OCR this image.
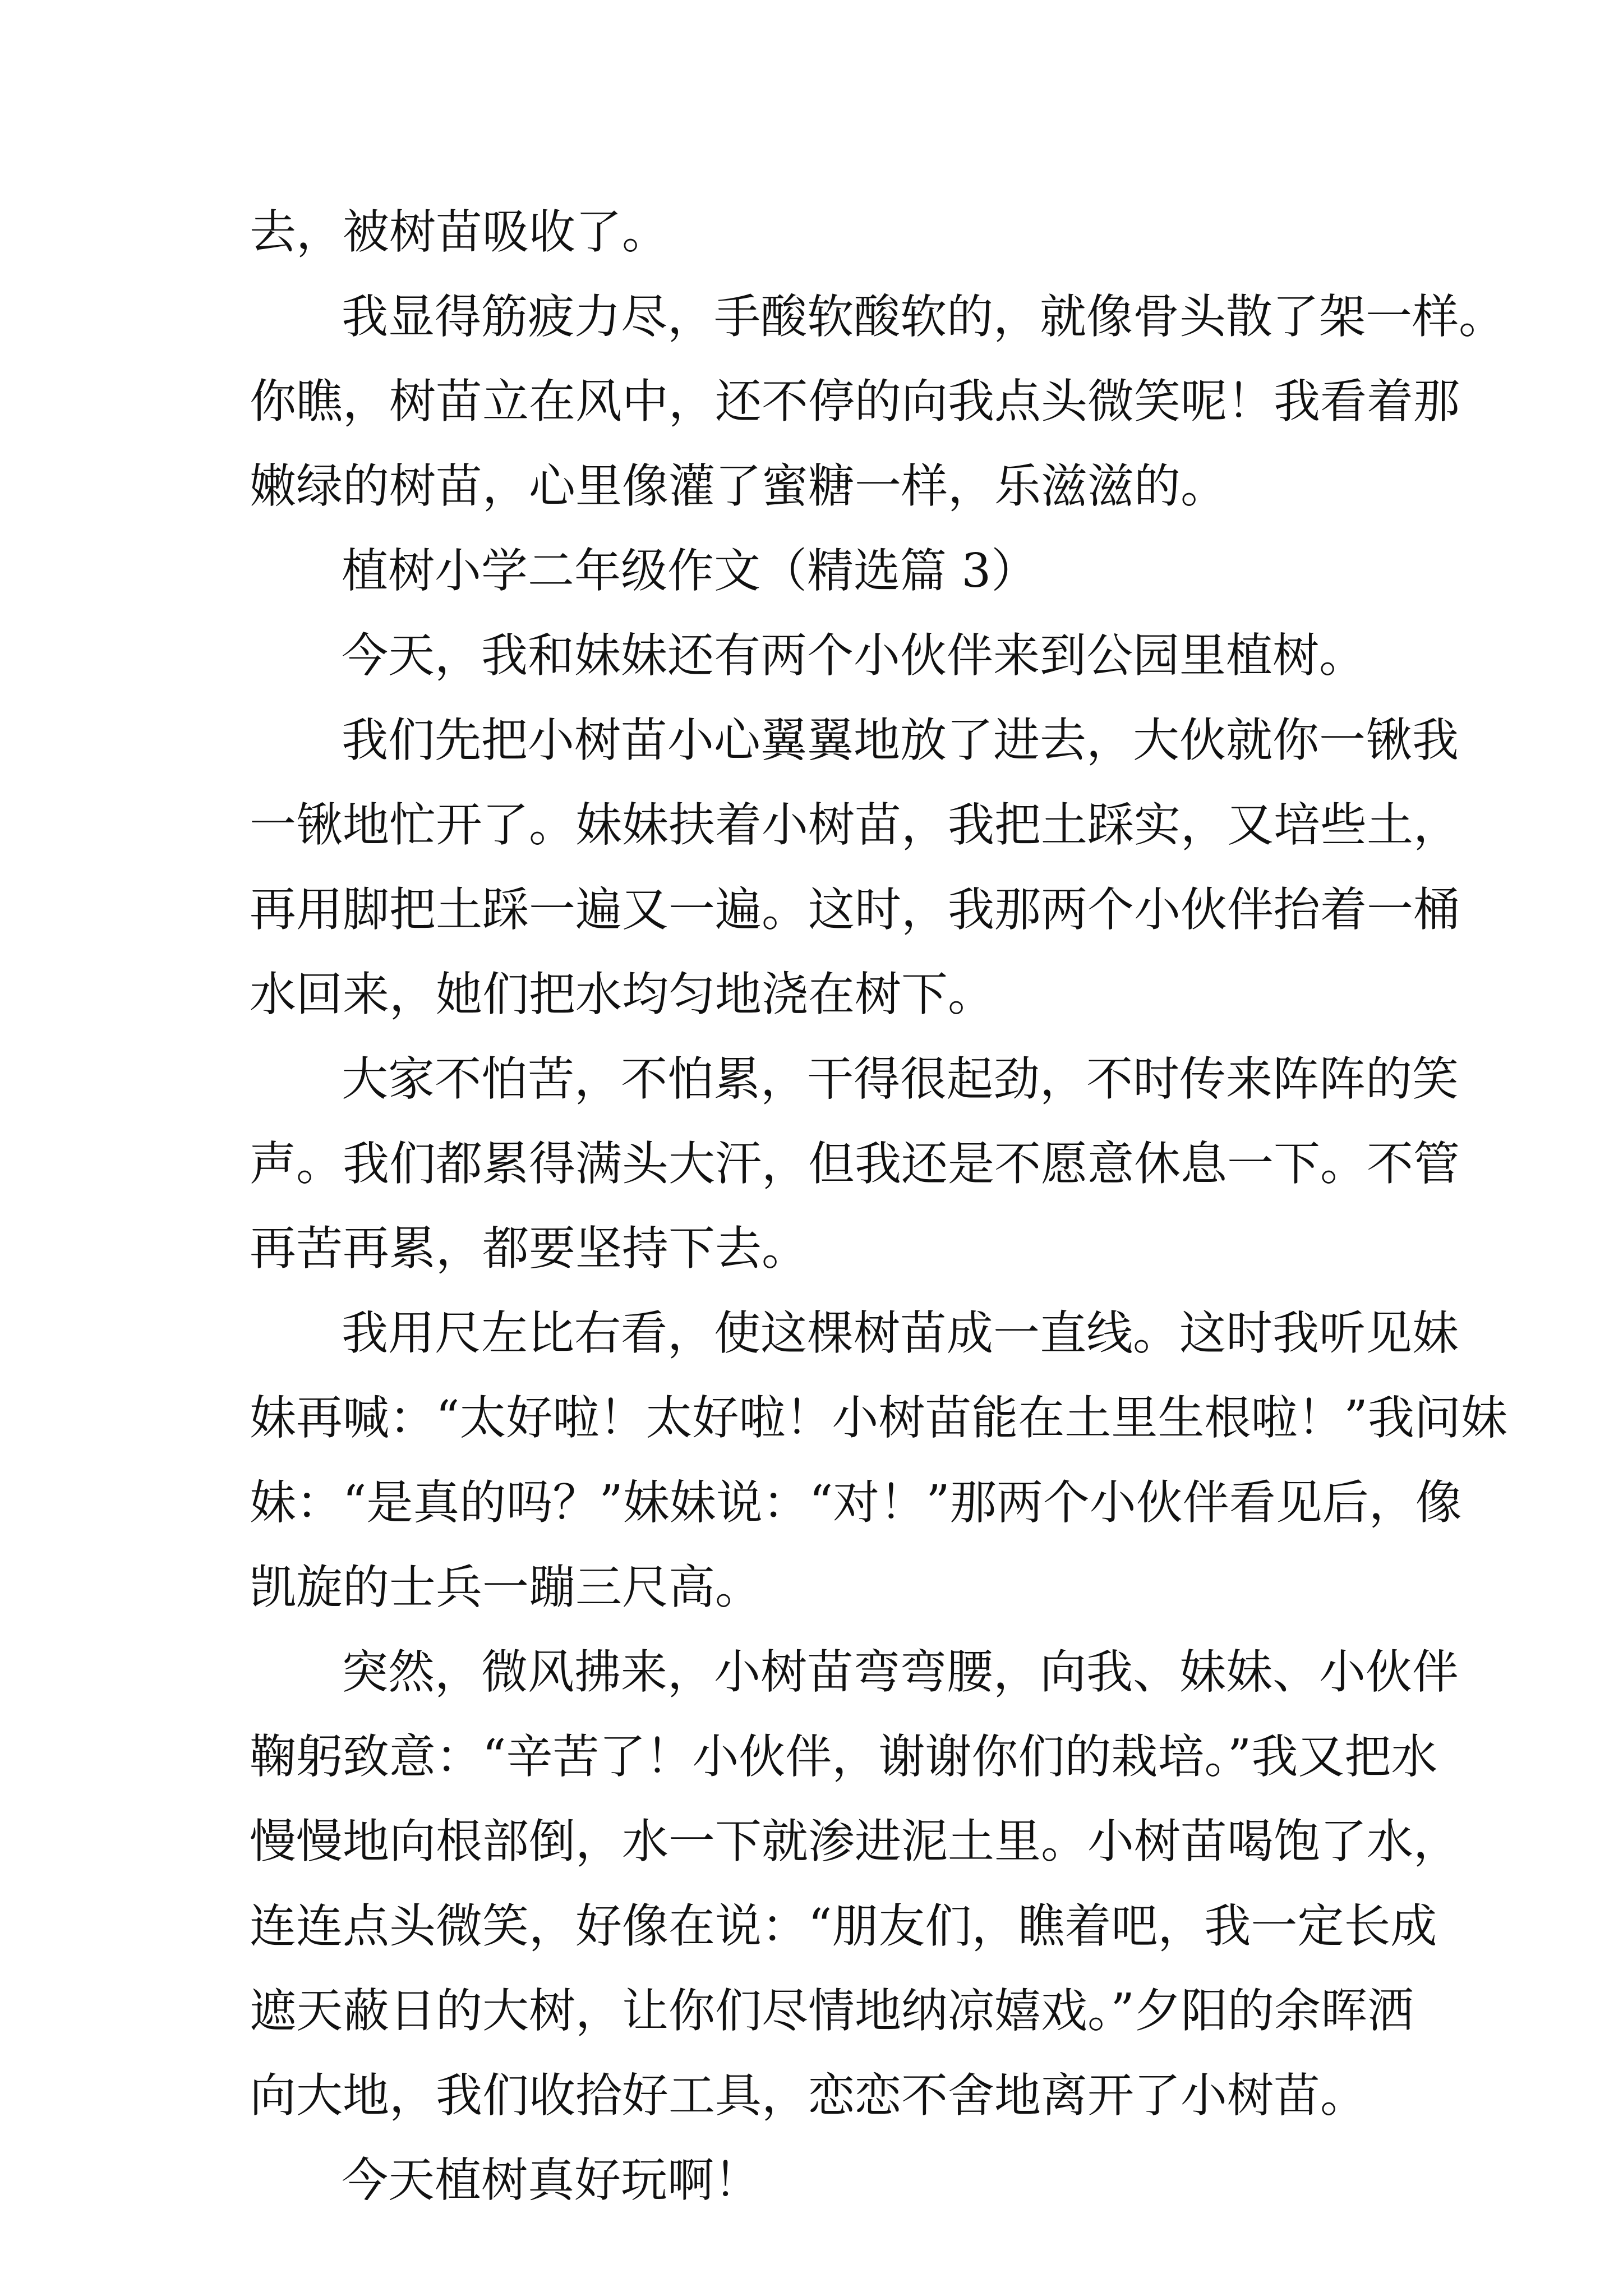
去，被树苗吸收了。
我显得筋疲力尽，手酸软酸软的，就像骨头散了架一样。
你瞧，树苗立在风中，还不停的向我点头微笑呢！我看着那
嫩绿的树苗，心里像灌了蜜糖一样，乐滋滋的。
植树小学二年级作文（精选篇 3）
今天，我和妹妹还有两个小伙伴来到公园里植树。
我们先把小树苗小心翼翼地放了进去，大伙就你一锹我
一锹地忙开了。妹妹扶着小树苗，我把土踩实，又培些土，
再用脚把土踩一遍又一遍。这时，我那两个小伙伴抬着一桶
水回来，她们把水均匀地浇在树下。
大家不怕苦，不怕累，干得很起劲，不时传来阵阵的笑
声。我们都累得满头大汗，但我还是不愿意休息一下。不管
再苦再累，都要坚持下去。
我用尺左比右看，使这棵树苗成一直线。这时我听见妹
妹再喊：“太好啦！太好啦！小树苗能在土里生根啦！”我问妹
妹：“是真的吗？”妹妹说：“对！”那两个小伙伴看见后，像
凯旋的士兵一蹦三尺高。
突然，微风拂来，小树苗弯弯腰，向我、妹妹、小伙伴
鞠躬致意：“辛苦了！小伙伴，谢谢你们的栽培。”我又把水
慢慢地向根部倒，水一下就渗进泥土里。小树苗喝饱了水，
连连点头微笑，好像在说：“朋友们，瞧着吧，我一定长成
遮天蔽日的大树，让你们尽情地纳凉嬉戏。”夕阳的余晖洒
向大地，我们收拾好工具，恋恋不舍地离开了小树苗。
今天植树真好玩啊！
